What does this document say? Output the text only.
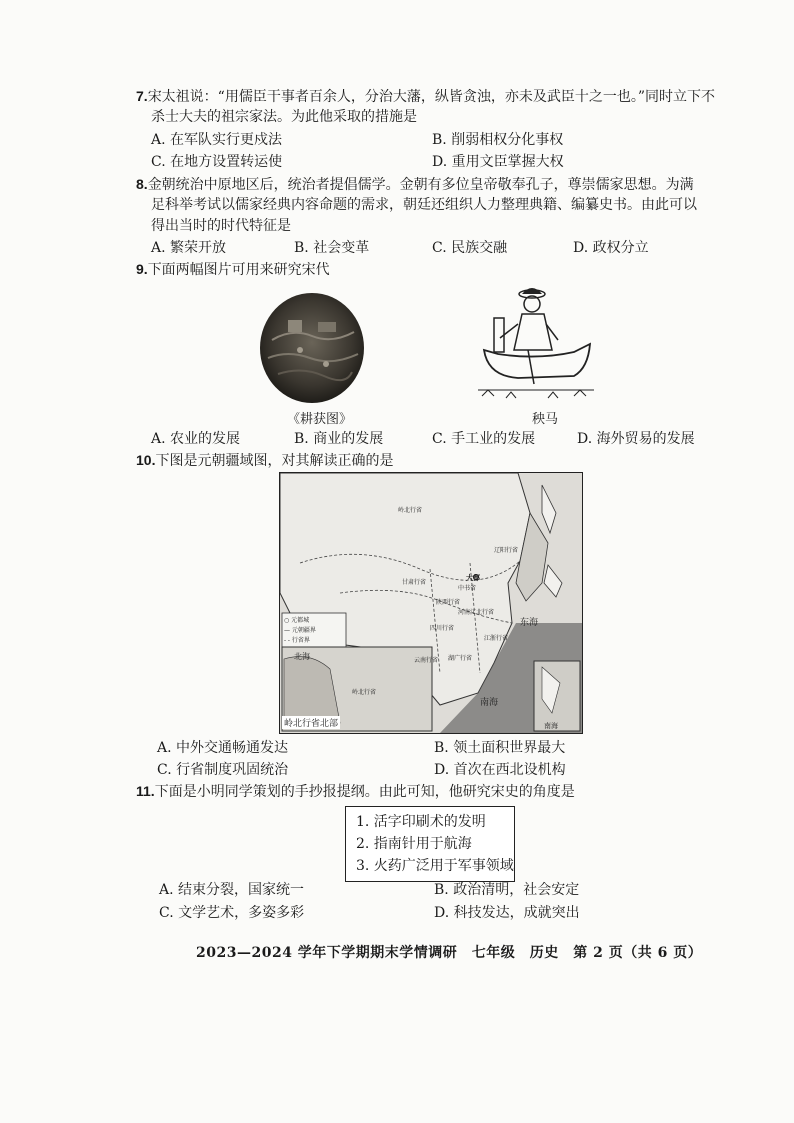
7.宋太祖说：“用儒臣干事者百余人，分治大藩，纵皆贪浊，亦未及武臣十之一也。”同时立下不
杀士大夫的祖宗家法。为此他采取的措施是
A. 在军队实行更戍法	B. 削弱相权分化事权
C. 在地方设置转运使	D. 重用文臣掌握大权
8.金朝统治中原地区后，统治者提倡儒学。金朝有多位皇帝敬奉孔子，尊崇儒家思想。为满
足科举考试以儒家经典内容命题的需求，朝廷还组织人力整理典籍、编纂史书。由此可以
得出当时的时代特征是
A. 繁荣开放	B. 社会变革	C. 民族交融	D. 政权分立
9.下面两幅图片可用来研究宋代
《耕获图》	秧马
A. 农业的发展	B. 商业的发展	C. 手工业的发展	D. 海外贸易的发展
10.下图是元朝疆域图，对其解读正确的是
岭北行省
大都
中书省
辽阳行省
甘肃行省
陕西行省
河南江北行省
四川行省
江浙行省
湖广行省
云南行省
东海
南海
北海
岭北行省
○ 元都城
— 元朝疆界
- - 行省界
南海
岭北行省北部
A. 中外交通畅通发达	B. 领土面积世界最大
C. 行省制度巩固统治	D. 首次在西北设机构
11.下面是小明同学策划的手抄报提纲。由此可知，他研究宋史的角度是
1. 活字印刷术的发明
2. 指南针用于航海
3. 火药广泛用于军事领域
A. 结束分裂，国家统一	B. 政治清明，社会安定
C. 文学艺术，多姿多彩	D. 科技发达，成就突出
2023—2024 学年下学期期末学情调研　七年级　历史　第 2 页（共 6 页）
